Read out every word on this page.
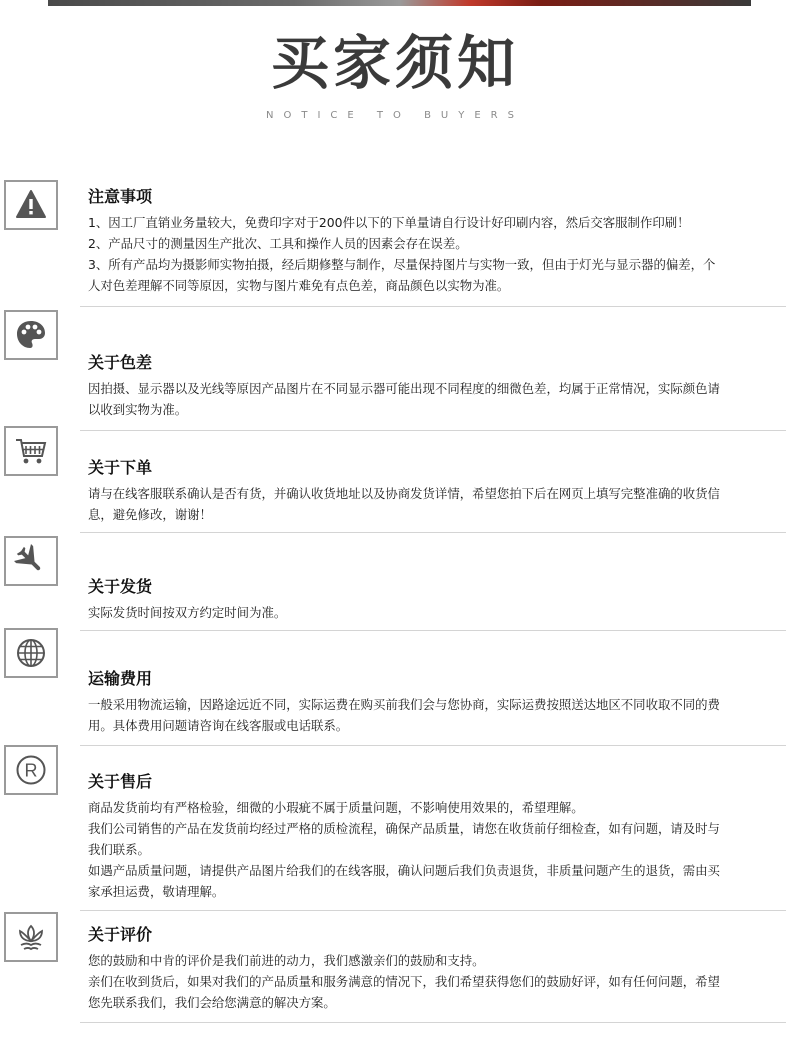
买家须知
NOTICE TO BUYERS
注意事项

1、因工厂直销业务量较大，免费印字对于200件以下的下单量请自行设计好印刷内容，然后交客服制作印刷！

2、产品尺寸的测量因生产批次、工具和操作人员的因素会存在误差。

3、所有产品均为摄影师实物拍摄，经后期修整与制作，尽量保持图片与实物一致，但由于灯光与显示器的偏差，个

人对色差理解不同等原因，实物与图片难免有点色差，商品颜色以实物为准。

关于色差

因拍摄、显示器以及光线等原因产品图片在不同显示器可能出现不同程度的细微色差，均属于正常情况，实际颜色请

以收到实物为准。

关于下单

请与在线客服联系确认是否有货，并确认收货地址以及协商发货详情，希望您拍下后在网页上填写完整准确的收货信

息，避免修改，谢谢！

关于发货

实际发货时间按双方约定时间为准。

运输费用

一般采用物流运输，因路途远近不同，实际运费在购买前我们会与您协商，实际运费按照送达地区不同收取不同的费

用。具体费用问题请咨询在线客服或电话联系。

R
关于售后

商品发货前均有严格检验，细微的小瑕疵不属于质量问题，不影响使用效果的，希望理解。

我们公司销售的产品在发货前均经过严格的质检流程，确保产品质量，请您在收货前仔细检查，如有问题，请及时与

我们联系。

如遇产品质量问题，请提供产品图片给我们的在线客服，确认问题后我们负责退货，非质量问题产生的退货，需由买

家承担运费，敬请理解。

关于评价

您的鼓励和中肯的评价是我们前进的动力，我们感激亲们的鼓励和支持。

亲们在收到货后，如果对我们的产品质量和服务满意的情况下，我们希望获得您们的鼓励好评，如有任何问题，希望

您先联系我们，我们会给您满意的解决方案。
